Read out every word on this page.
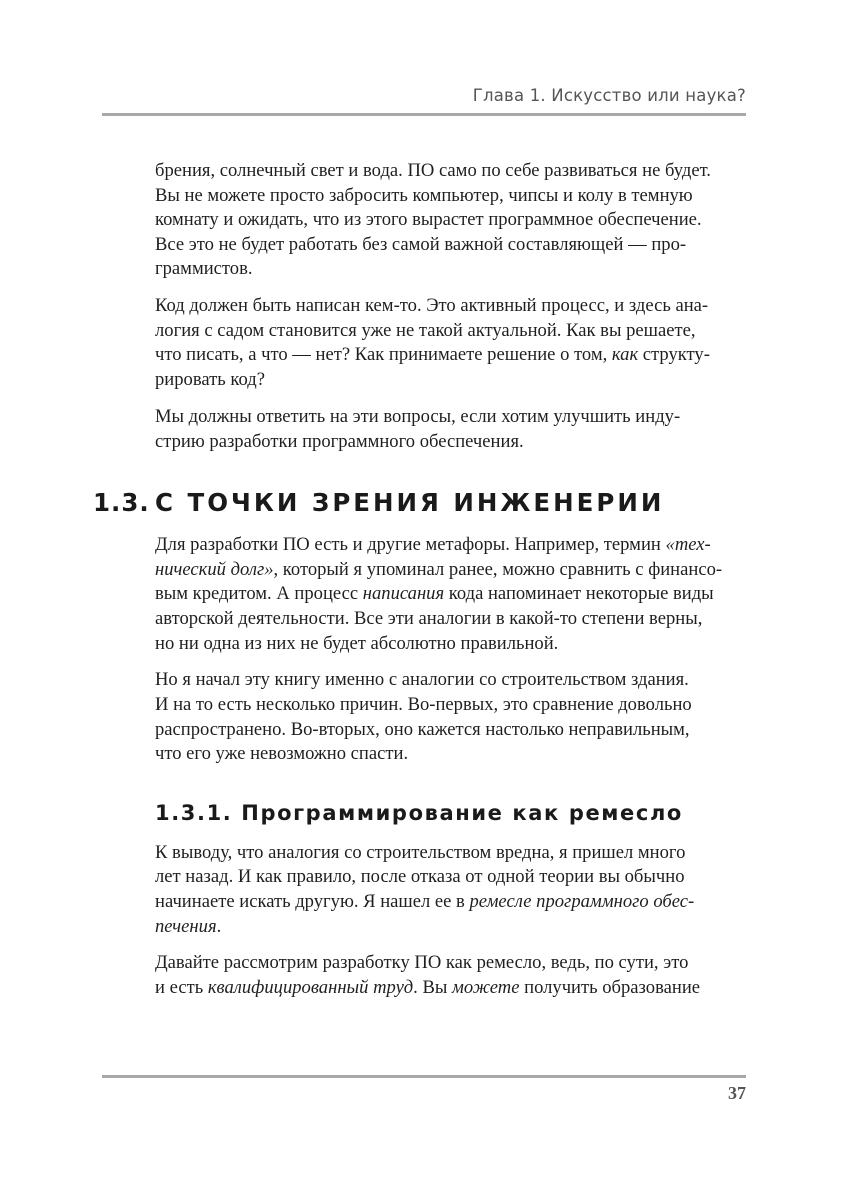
Глава 1. Искусство или наука?

брения, солнечный свет и вода. ПО само по себе развиваться не будет.
Вы не можете просто забросить компьютер, чипсы и колу в темную
комнату и ожидать, что из этого вырастет программное обеспечение.
Все это не будет работать без самой важной составляющей — про-
граммистов.

Код должен быть написан кем-то. Это активный процесс, и здесь ана-
логия с садом становится уже не такой актуальной. Как вы решаете,
что писать, а что — нет? Как принимаете решение о том, как структу-
рировать код?

Мы должны ответить на эти вопросы, если хотим улучшить инду-
стрию разработки программного обеспечения.

1.3. С ТОЧКИ ЗРЕНИЯ ИНЖЕНЕРИИ

Для разработки ПО есть и другие метафоры. Например, термин «тех-
нический долг», который я упоминал ранее, можно сравнить с финансо-
вым кредитом. А процесс написания кода напоминает некоторые виды
авторской деятельности. Все эти аналогии в какой-то степени верны,
но ни одна из них не будет абсолютно правильной.

Но я начал эту книгу именно с аналогии со строительством здания.
И на то есть несколько причин. Во-первых, это сравнение довольно
распространено. Во-вторых, оно кажется настолько неправильным,
что его уже невозможно спасти.

1.3.1. Программирование как ремесло

К выводу, что аналогия со строительством вредна, я пришел много
лет назад. И как правило, после отказа от одной теории вы обычно
начинаете искать другую. Я нашел ее в ремесле программного обес-
печения.

Давайте рассмотрим разработку ПО как ремесло, ведь, по сути, это
и есть квалифицированный труд. Вы можете получить образование

37
